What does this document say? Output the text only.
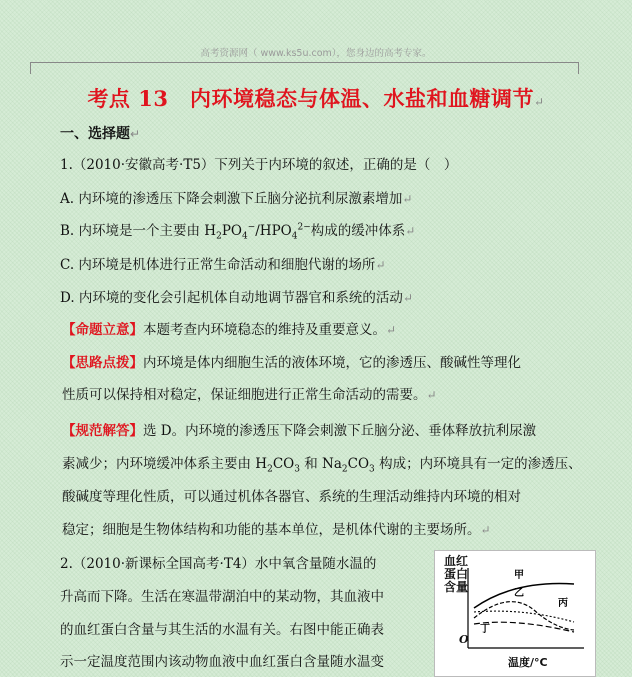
高考资源网（ www.ks5u.com），您身边的高考专家。
考点 13　内环境稳态与体温、水盐和血糖调节↵
一、选择题↵
1.（2010·安徽高考·T5）下列关于内环境的叙述，正确的是（　）
A. 内环境的渗透压下降会刺激下丘脑分泌抗利尿激素增加↵
B. 内环境是一个主要由 $H_2PO_4^-/HPO_4^{2-}$构成的缓冲体系↵
C. 内环境是机体进行正常生命活动和细胞代谢的场所↵
D. 内环境的变化会引起机体自动地调节器官和系统的活动↵
【命题立意】本题考查内环境稳态的维持及重要意义。↵
【思路点拨】内环境是体内细胞生活的液体环境，它的渗透压、酸碱性等理化
性质可以保持相对稳定，保证细胞进行正常生命活动的需要。↵
【规范解答】选 D。内环境的渗透压下降会刺激下丘脑分泌、垂体释放抗利尿激
素减少；内环境缓冲体系主要由 $H_2CO_3$ 和 $Na_2CO_3$ 构成；内环境具有一定的渗透压、
酸碱度等理化性质，可以通过机体各器官、系统的生理活动维持内环境的相对
稳定；细胞是生物体结构和功能的基本单位，是机体代谢的主要场所。↵
2.（2010·新课标全国高考·T4）水中氧含量随水温的
升高而下降。生活在寒温带湖泊中的某动物，其血液中
的血红蛋白含量与其生活的水温有关。右图中能正确表
示一定温度范围内该动物血液中血红蛋白含量随水温变
甲
乙
丙
丁
血红蛋白含量
温度/°C
O
